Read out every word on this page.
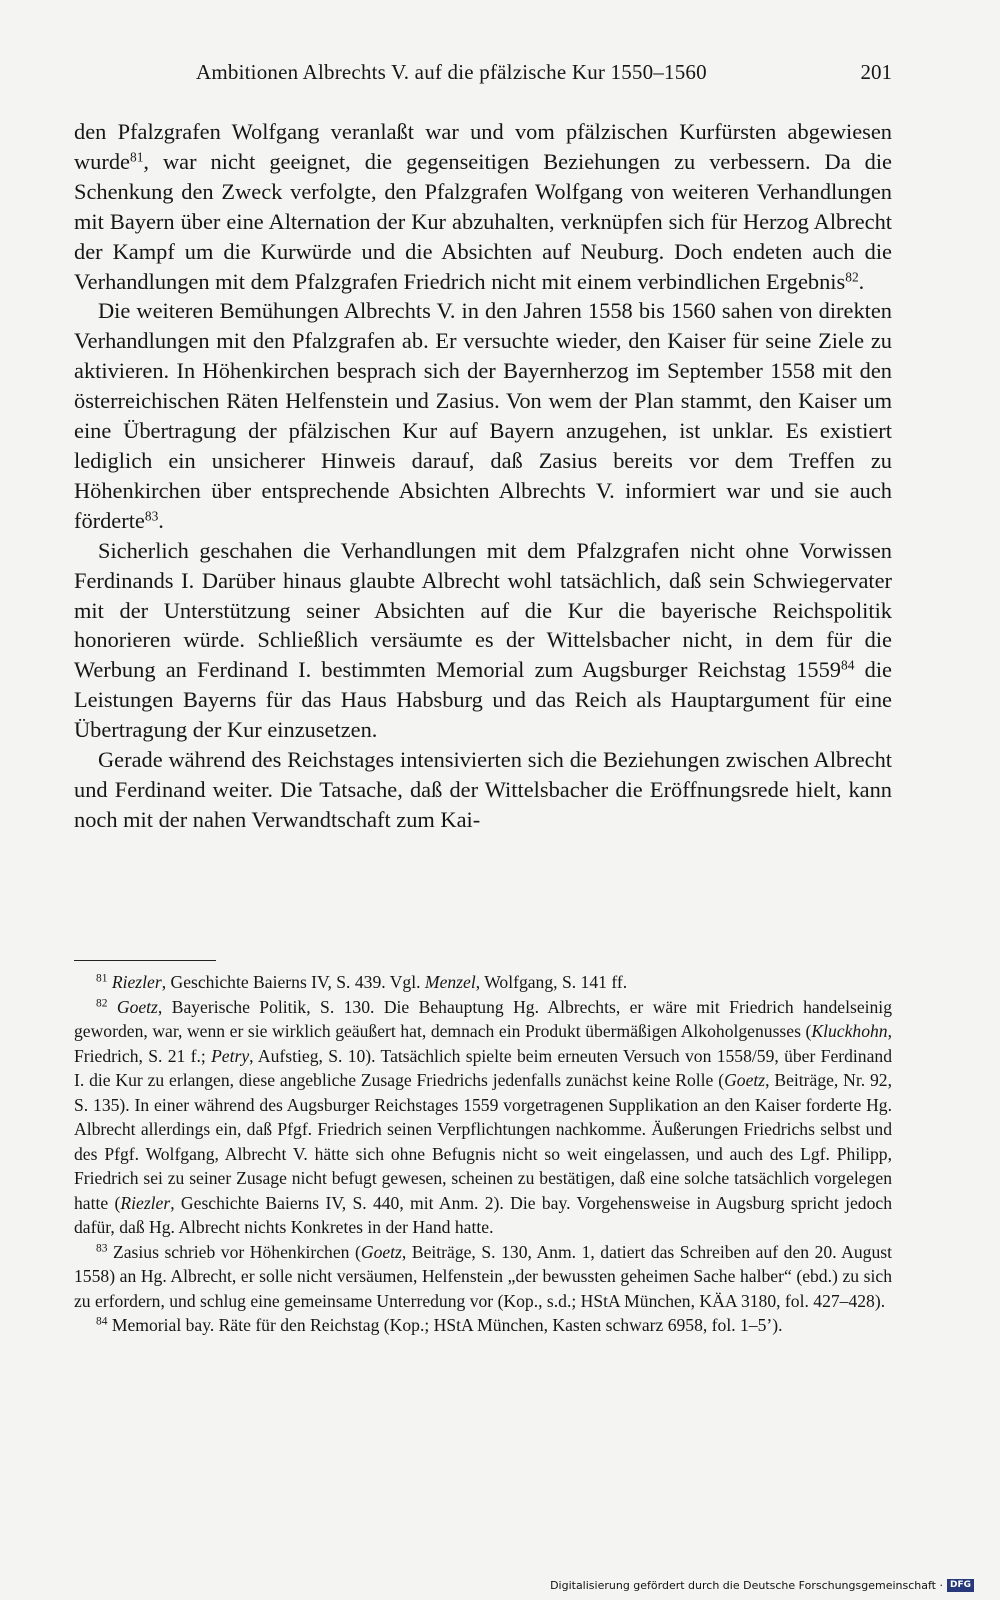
Ambitionen Albrechts V. auf die pfälzische Kur 1550–1560	201

den Pfalzgrafen Wolfgang veranlaßt war und vom pfälzischen Kurfürsten abgewiesen wurde$^{81}$, war nicht geeignet, die gegenseitigen Beziehungen zu verbessern. Da die Schenkung den Zweck verfolgte, den Pfalzgrafen Wolfgang von weiteren Verhandlungen mit Bayern über eine Alternation der Kur abzuhalten, verknüpfen sich für Herzog Albrecht der Kampf um die Kurwürde und die Absichten auf Neuburg. Doch endeten auch die Verhandlungen mit dem Pfalzgrafen Friedrich nicht mit einem verbindlichen Ergebnis$^{82}$.

Die weiteren Bemühungen Albrechts V. in den Jahren 1558 bis 1560 sahen von direkten Verhandlungen mit den Pfalzgrafen ab. Er versuchte wieder, den Kaiser für seine Ziele zu aktivieren. In Höhenkirchen besprach sich der Bayernherzog im September 1558 mit den österreichischen Räten Helfenstein und Zasius. Von wem der Plan stammt, den Kaiser um eine Übertragung der pfälzischen Kur auf Bayern anzugehen, ist unklar. Es existiert lediglich ein unsicherer Hinweis darauf, daß Zasius bereits vor dem Treffen zu Höhenkirchen über entsprechende Absichten Albrechts V. informiert war und sie auch förderte$^{83}$.

Sicherlich geschahen die Verhandlungen mit dem Pfalzgrafen nicht ohne Vorwissen Ferdinands I. Darüber hinaus glaubte Albrecht wohl tatsächlich, daß sein Schwiegervater mit der Unterstützung seiner Absichten auf die Kur die bayerische Reichspolitik honorieren würde. Schließlich versäumte es der Wittelsbacher nicht, in dem für die Werbung an Ferdinand I. bestimmten Memorial zum Augsburger Reichstag 1559$^{84}$ die Leistungen Bayerns für das Haus Habsburg und das Reich als Hauptargument für eine Übertragung der Kur einzusetzen.

Gerade während des Reichstages intensivierten sich die Beziehungen zwischen Albrecht und Ferdinand weiter. Die Tatsache, daß der Wittelsbacher die Eröffnungsrede hielt, kann noch mit der nahen Verwandtschaft zum Kai-

$^{81}$ Riezler, Geschichte Baierns IV, S. 439. Vgl. Menzel, Wolfgang, S. 141 ff.

$^{82}$ Goetz, Bayerische Politik, S. 130. Die Behauptung Hg. Albrechts, er wäre mit Friedrich handelseinig geworden, war, wenn er sie wirklich geäußert hat, demnach ein Produkt übermäßigen Alkoholgenusses (Kluckhohn, Friedrich, S. 21 f.; Petry, Aufstieg, S. 10). Tatsächlich spielte beim erneuten Versuch von 1558/59, über Ferdinand I. die Kur zu erlangen, diese angebliche Zusage Friedrichs jedenfalls zunächst keine Rolle (Goetz, Beiträge, Nr. 92, S. 135). In einer während des Augsburger Reichstages 1559 vorgetragenen Supplikation an den Kaiser forderte Hg. Albrecht allerdings ein, daß Pfgf. Friedrich seinen Verpflichtungen nachkomme. Äußerungen Friedrichs selbst und des Pfgf. Wolfgang, Albrecht V. hätte sich ohne Befugnis nicht so weit eingelassen, und auch des Lgf. Philipp, Friedrich sei zu seiner Zusage nicht befugt gewesen, scheinen zu bestätigen, daß eine solche tatsächlich vorgelegen hatte (Riezler, Geschichte Baierns IV, S. 440, mit Anm. 2). Die bay. Vorgehensweise in Augsburg spricht jedoch dafür, daß Hg. Albrecht nichts Konkretes in der Hand hatte.

$^{83}$ Zasius schrieb vor Höhenkirchen (Goetz, Beiträge, S. 130, Anm. 1, datiert das Schreiben auf den 20. August 1558) an Hg. Albrecht, er solle nicht versäumen, Helfenstein „der bewussten geheimen Sache halber“ (ebd.) zu sich zu erfordern, und schlug eine gemeinsame Unterredung vor (Kop., s.d.; HStA München, KÄA 3180, fol. 427–428).

$^{84}$ Memorial bay. Räte für den Reichstag (Kop.; HStA München, Kasten schwarz 6958, fol. 1–5’).

Digitalisierung gefördert durch die Deutsche Forschungsgemeinschaft · DFG
